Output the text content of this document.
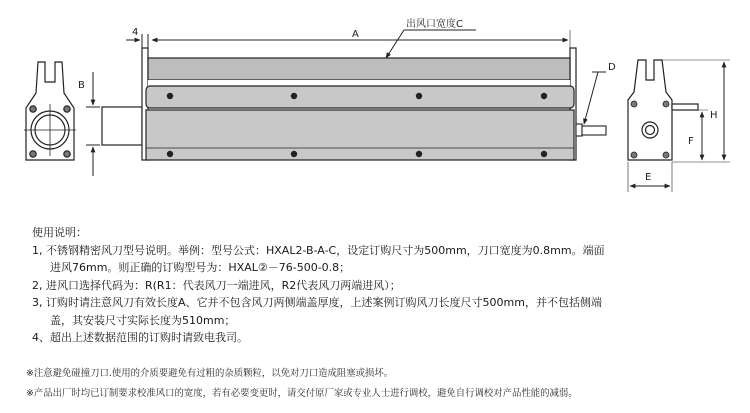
B
4	A
出风口宽度C
D
H
F
E
使用说明：
1, 不锈钢精密风刀型号说明。举例：型号公式：HXAL2-B-A-C，设定订购尺寸为500mm，刀口宽度为0.8mm。端面
进风76mm。则正确的订购型号为：HXAL②－76-500-0.8；
2, 进风口选择代码为：R(R1：代表风刀一端进风，R2代表风刀两端进风）；
3, 订购时请注意风刀有效长度A、它并不包含风刀两侧端盖厚度，上述案例订购风刀长度尺寸500mm，并不包括侧端
盖，其安装尺寸实际长度为510mm；
4、超出上述数据范围的订购时请致电我司。
※注意避免碰撞刀口.使用的介质要避免有过粗的杂质颗粒，以免对刀口造成阻塞或损坏。
※产品出厂时均已订制要求校准风口的宽度，若有必要变更时，请交付原厂家或专业人士进行调校，避免自行调校对产品性能的减弱。
